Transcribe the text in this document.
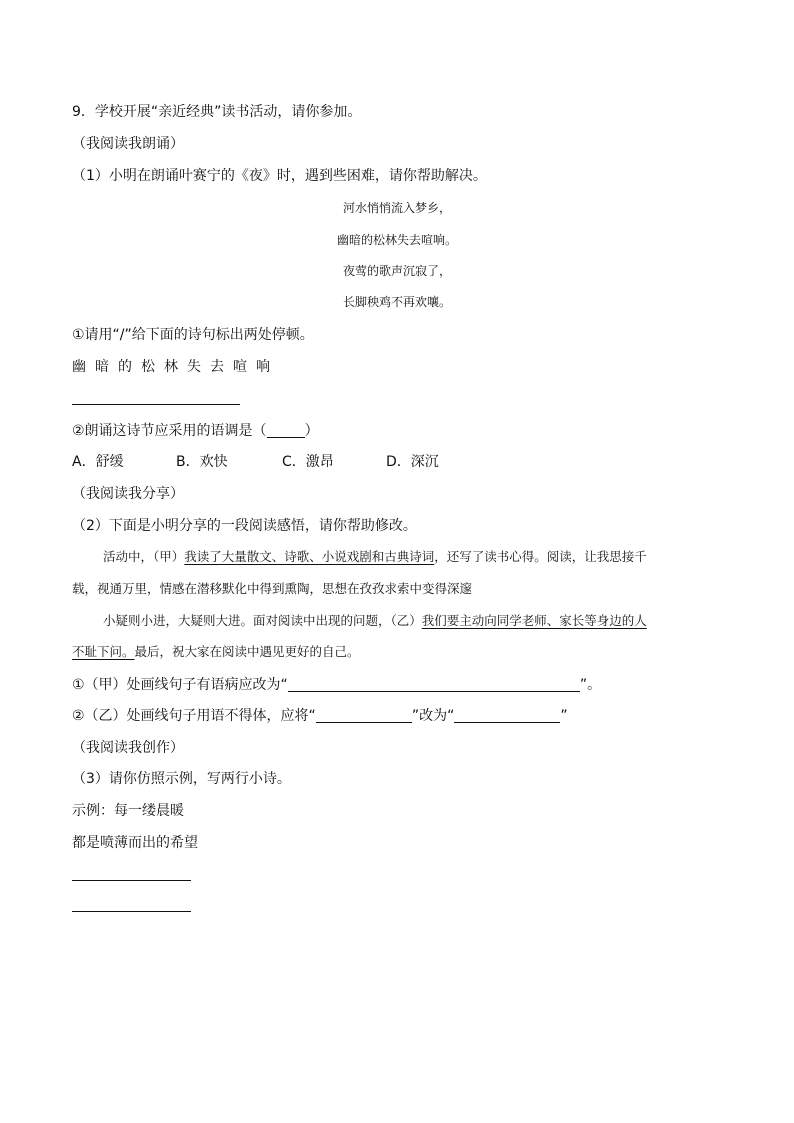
9．学校开展“亲近经典”读书活动，请你参加。
（我阅读我朗诵）
（1）小明在朗诵叶赛宁的《夜》时，遇到些困难，请你帮助解决。
河水悄悄流入梦乡，
幽暗的松林失去喧响。
夜莺的歌声沉寂了，
长脚秧鸡不再欢嚷。
①请用“/”给下面的诗句标出两处停顿。
幽暗的松林失去喧响
②朗诵这诗节应采用的语调是（	）
A．舒缓	B．欢快	C．激昂	D．深沉
（我阅读我分享）
（2）下面是小明分享的一段阅读感悟，请你帮助修改。
活动中，（甲）我读了大量散文、诗歌、小说戏剧和古典诗词，还写了读书心得。阅读，让我思接千
载，视通万里，情感在潜移默化中得到熏陶，思想在孜孜求索中变得深邃
小疑则小进，大疑则大进。面对阅读中出现的问题，（乙）我们要主动向同学老师、家长等身边的人
不耻下问。最后，祝大家在阅读中遇见更好的自己。
①（甲）处画线句子有语病应改为“	”。
②（乙）处画线句子用语不得体，应将“	”改为“	”
（我阅读我创作）
（3）请你仿照示例，写两行小诗。
示例：每一缕晨暖
都是喷薄而出的希望
